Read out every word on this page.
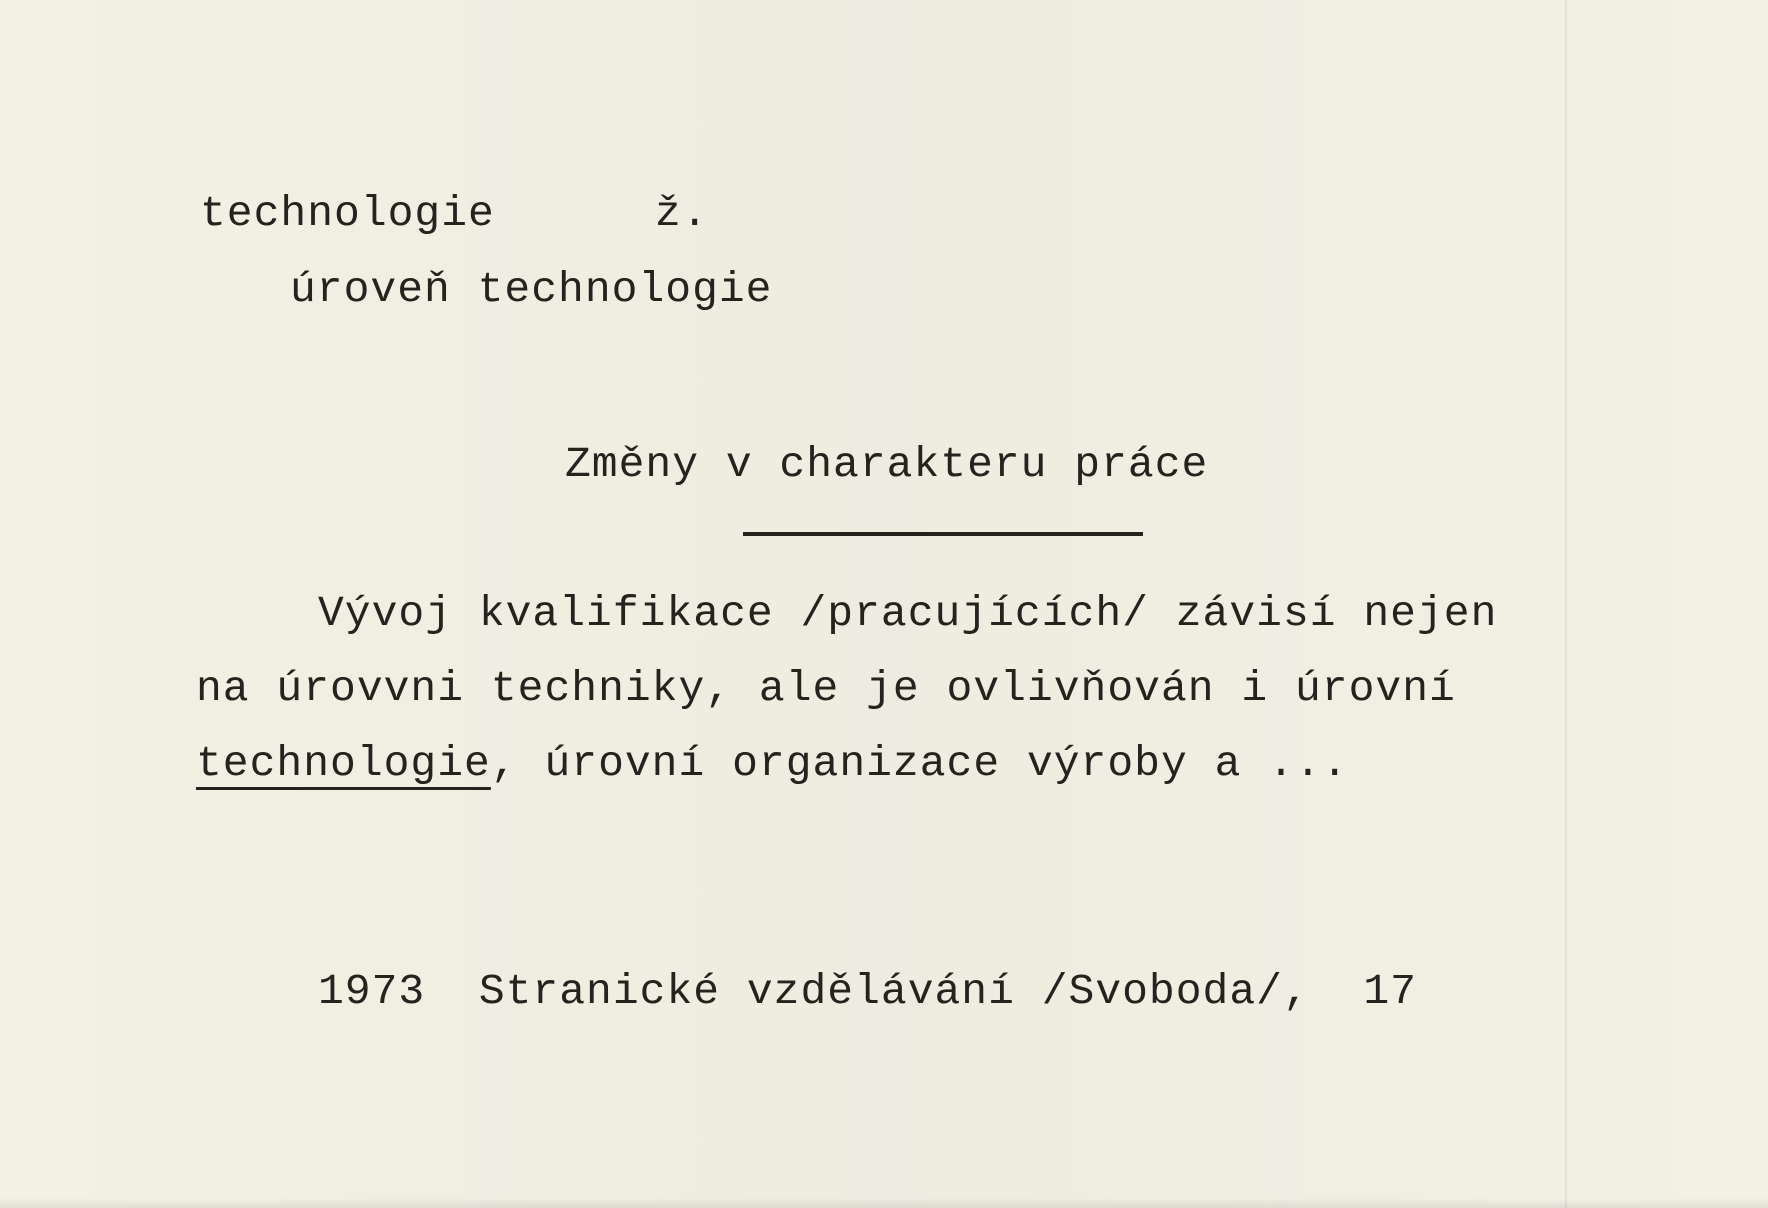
technologie	ž.
úroveň technologie
Změny v charakteru práce
Vývoj kvalifikace /pracujících/ závisí nejen
na úrovvni techniky, ale je ovlivňován i úrovní
technologie, úrovní organizace výroby a ...
1973 Stranické vzdělávání /Svoboda/, 17
